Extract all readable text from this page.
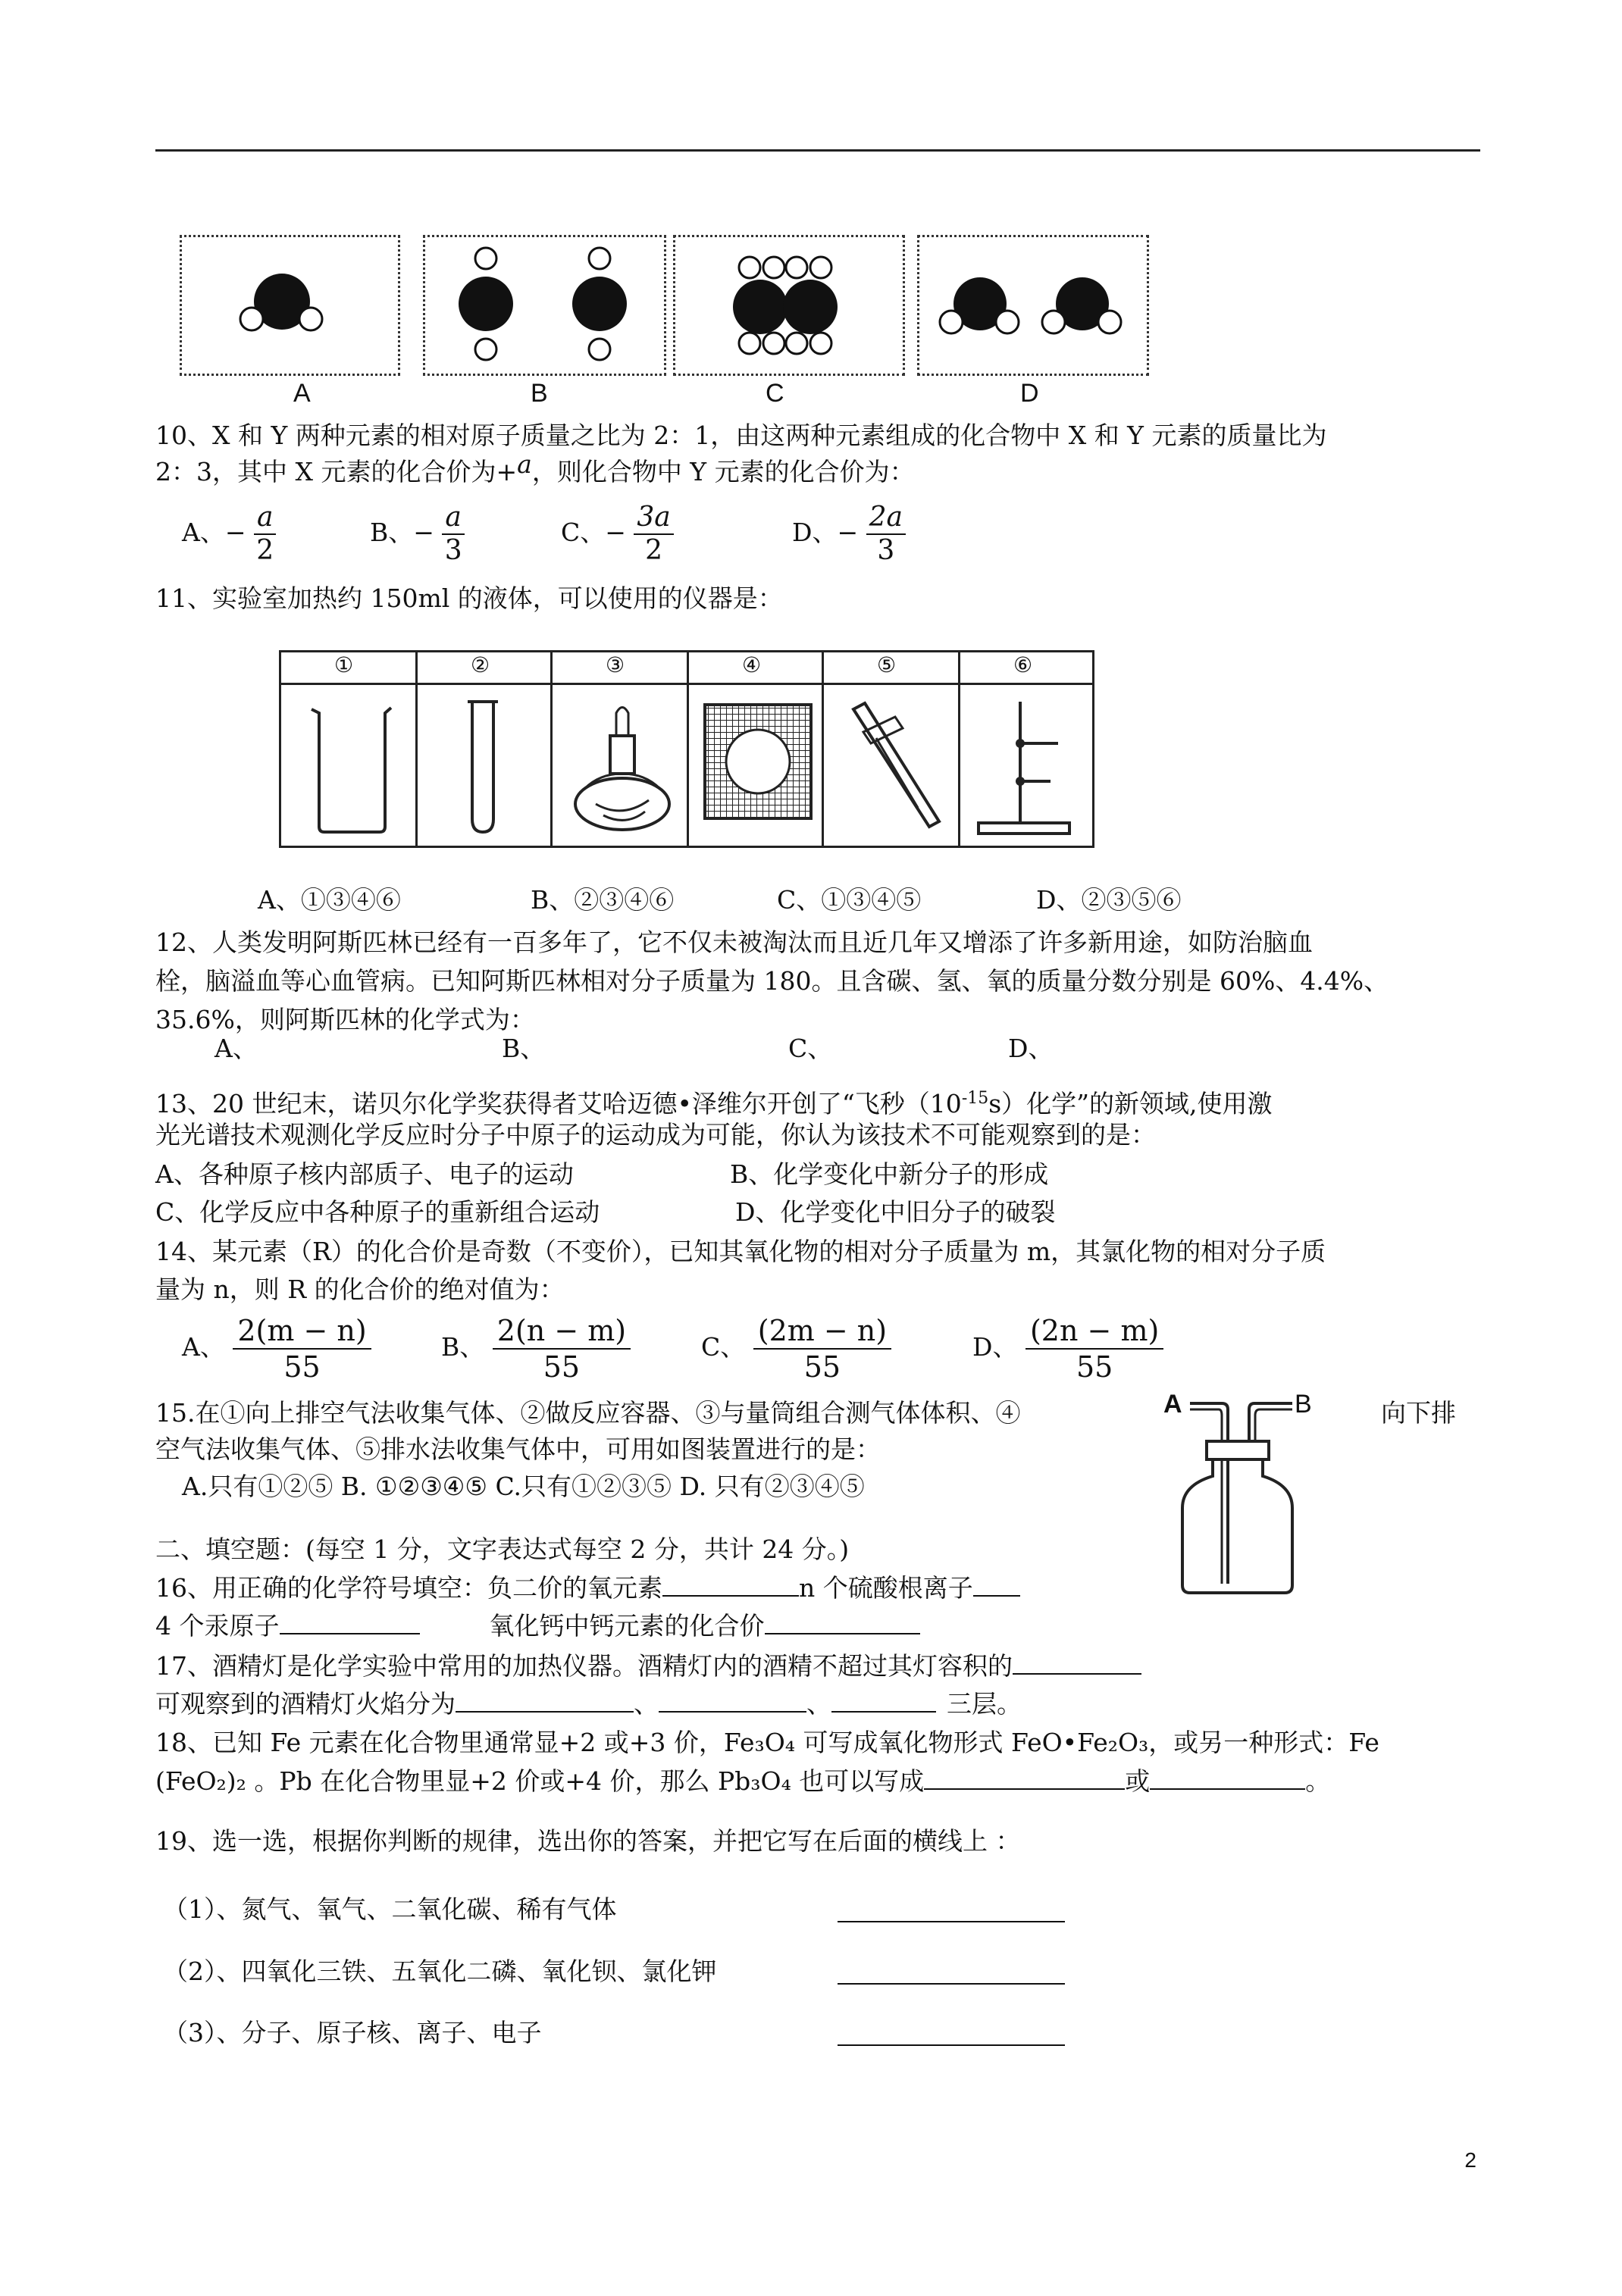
A	B	C	D
10、X 和 Y 两种元素的相对原子质量之比为 2：1，由这两种元素组成的化合物中 X 和 Y 元素的质量比为
2：3，其中 X 元素的化合价为+a，则化合物中 Y 元素的化合价为：
A、− $\frac{a}{2}$	B、− $\frac{a}{3}$	C、− $\frac{3a}{2}$	D、− $\frac{2a}{3}$
11、实验室加热约 150ml 的液体，可以使用的仪器是：
①	②	③	④	⑤	⑥
A、①③④⑥	B、②③④⑥	C、①③④⑤	D、②③⑤⑥
12、人类发明阿斯匹林已经有一百多年了，它不仅未被淘汰而且近几年又增添了许多新用途，如防治脑血
栓，脑溢血等心血管病。已知阿斯匹林相对分子质量为 180。且含碳、氢、氧的质量分数分别是 60%、4.4%、
35.6%，则阿斯匹林的化学式为：
A、	B、	C、	D、
13、20 世纪末，诺贝尔化学奖获得者艾哈迈德•泽维尔开创了“飞秒$(10^{-15}s)$化学”的新领域,使用激
光光谱技术观测化学反应时分子中原子的运动成为可能，你认为该技术不可能观察到的是：
A、各种原子核内部质子、电子的运动	B、化学变化中新分子的形成
C、化学反应中各种原子的重新组合运动	D、化学变化中旧分子的破裂
14、某元素（R）的化合价是奇数（不变价），已知其氧化物的相对分子质量为 m，其氯化物的相对分子质
量为 n，则 R 的化合价的绝对值为：
A、 $\frac{2(m - n)}{55}$	B、 $\frac{2(n - m)}{55}$	C、 $\frac{(2m - n)}{55}$	D、 $\frac{(2n - m)}{55}$
15.在①向上排空气法收集气体、②做反应容器、③与量筒组合测气体体积、④	向下排
空气法收集气体、⑤排水法收集气体中，可用如图装置进行的是：
A.只有①②⑤ B. ①②③④⑤ C.只有①②③⑤ D. 只有②③④⑤
A	B
二、填空题：(每空 1 分，文字表达式每空 2 分，共计 24 分。)
16、用正确的化学符号填空：负二价的氧元素	n 个硫酸根离子
4 个汞原子	氧化钙中钙元素的化合价
17、酒精灯是化学实验中常用的加热仪器。酒精灯内的酒精不超过其灯容积的
可观察到的酒精灯火焰分为	、	、	三层。
18、已知 Fe 元素在化合物里通常显+2 或+3 价，Fe₃O₄ 可写成氧化物形式 FeO•Fe₂O₃，或另一种形式：Fe
(FeO₂)₂ 。Pb 在化合物里显+2 价或+4 价，那么 Pb₃O₄ 也可以写成	或	。
19、选一选，根据你判断的规律，选出你的答案，并把它写在后面的横线上 ：
（1）、氮气、氧气、二氧化碳、稀有气体
（2）、四氧化三铁、五氧化二磷、氧化钡、氯化钾
（3）、分子、原子核、离子、电子
2
